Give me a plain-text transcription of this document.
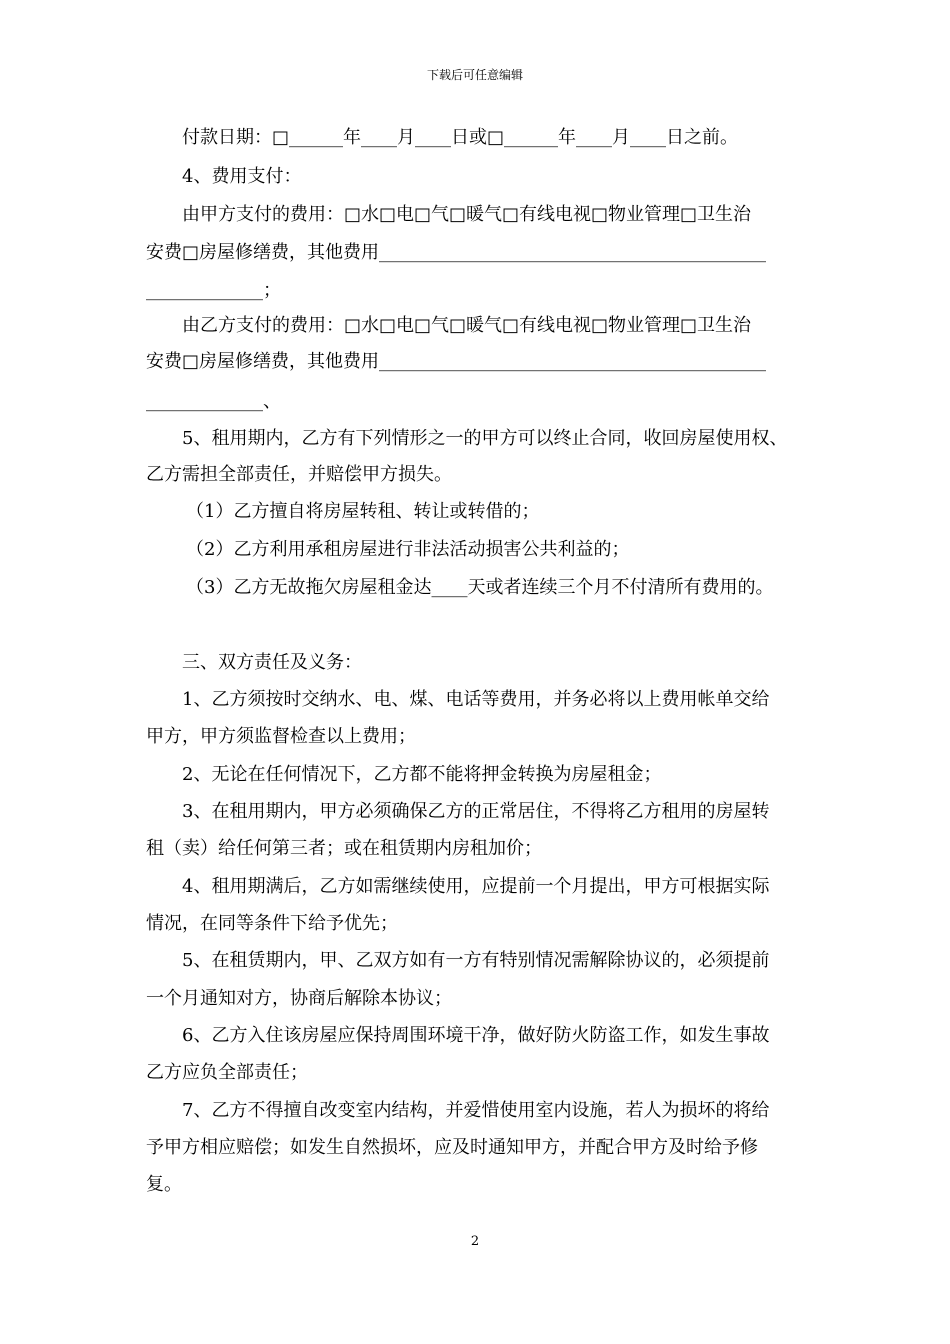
下载后可任意编辑
付款日期：□______年____月____日或□______年____月____日之前。
4、费用支付：
由甲方支付的费用：□水□电□气□暖气□有线电视□物业管理□卫生治
安费□房屋修缮费，其他费用___________________________________________
_____________；
由乙方支付的费用：□水□电□气□暖气□有线电视□物业管理□卫生治
安费□房屋修缮费，其他费用___________________________________________
_____________、
5、租用期内，乙方有下列情形之一的甲方可以终止合同，收回房屋使用权、
乙方需担全部责任，并赔偿甲方损失。
（1）乙方擅自将房屋转租、转让或转借的；
（2）乙方利用承租房屋进行非法活动损害公共利益的；
（3）乙方无故拖欠房屋租金达____天或者连续三个月不付清所有费用的。
三、双方责任及义务：
1、乙方须按时交纳水、电、煤、电话等费用，并务必将以上费用帐单交给
甲方，甲方须监督检查以上费用；
2、无论在任何情况下，乙方都不能将押金转换为房屋租金；
3、在租用期内，甲方必须确保乙方的正常居住，不得将乙方租用的房屋转
租（卖）给任何第三者；或在租赁期内房租加价；
4、租用期满后，乙方如需继续使用，应提前一个月提出，甲方可根据实际
情况，在同等条件下给予优先；
5、在租赁期内，甲、乙双方如有一方有特别情况需解除协议的，必须提前
一个月通知对方，协商后解除本协议；
6、乙方入住该房屋应保持周围环境干净，做好防火防盗工作，如发生事故
乙方应负全部责任；
7、乙方不得擅自改变室内结构，并爱惜使用室内设施，若人为损坏的将给
予甲方相应赔偿；如发生自然损坏，应及时通知甲方，并配合甲方及时给予修
复。
2
